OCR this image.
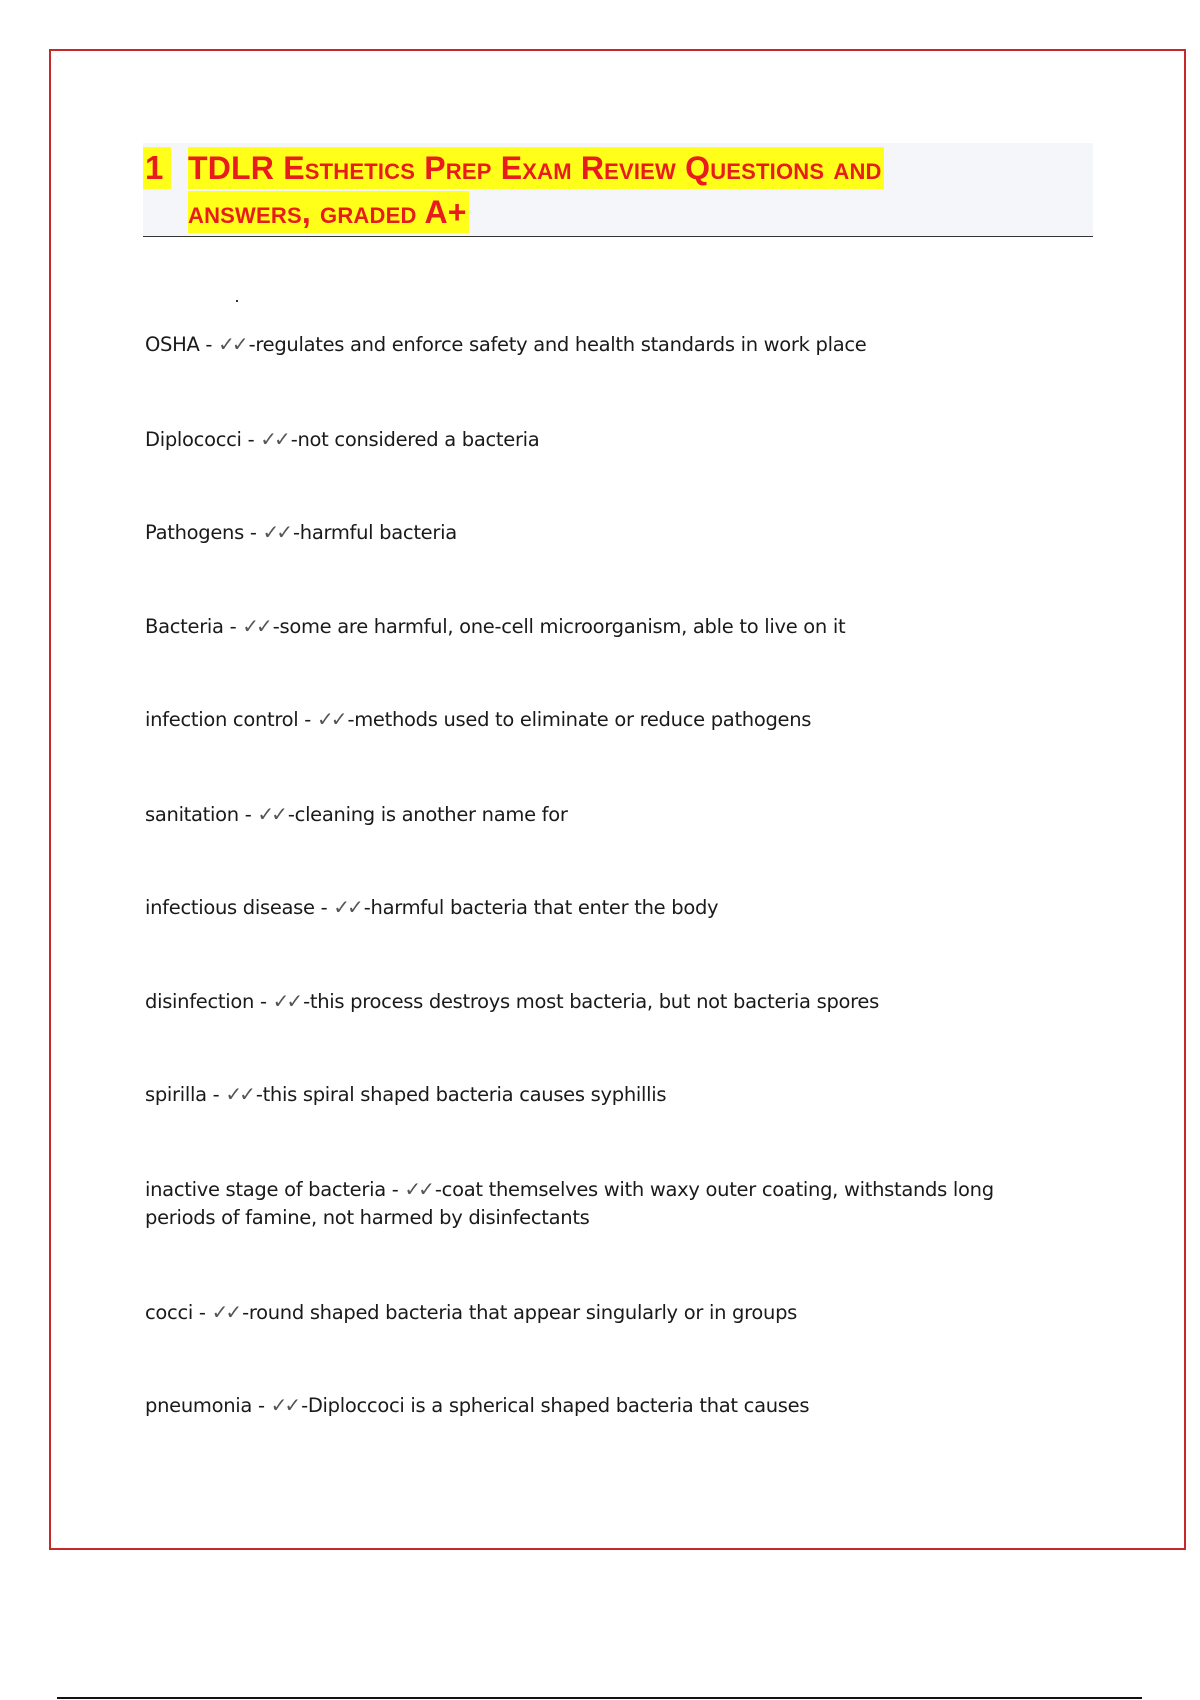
1 TDLR Esthetics Prep Exam Review Questions and
answers, graded A+
OSHA - ✓✓ -regulates and enforce safety and health standards in work place
Diplococci - ✓✓ -not considered a bacteria
Pathogens - ✓✓ -harmful bacteria
Bacteria - ✓✓ -some are harmful, one-cell microorganism, able to live on it
infection control - ✓✓ -methods used to eliminate or reduce pathogens
sanitation - ✓✓ -cleaning is another name for
infectious disease - ✓✓ -harmful bacteria that enter the body
disinfection - ✓✓ -this process destroys most bacteria, but not bacteria spores
spirilla - ✓✓ -this spiral shaped bacteria causes syphillis
inactive stage of bacteria - ✓✓ -coat themselves with waxy outer coating, withstands long periods of famine, not harmed by disinfectants
cocci - ✓✓ -round shaped bacteria that appear singularly or in groups
pneumonia - ✓✓ -Diploccoci is a spherical shaped bacteria that causes
